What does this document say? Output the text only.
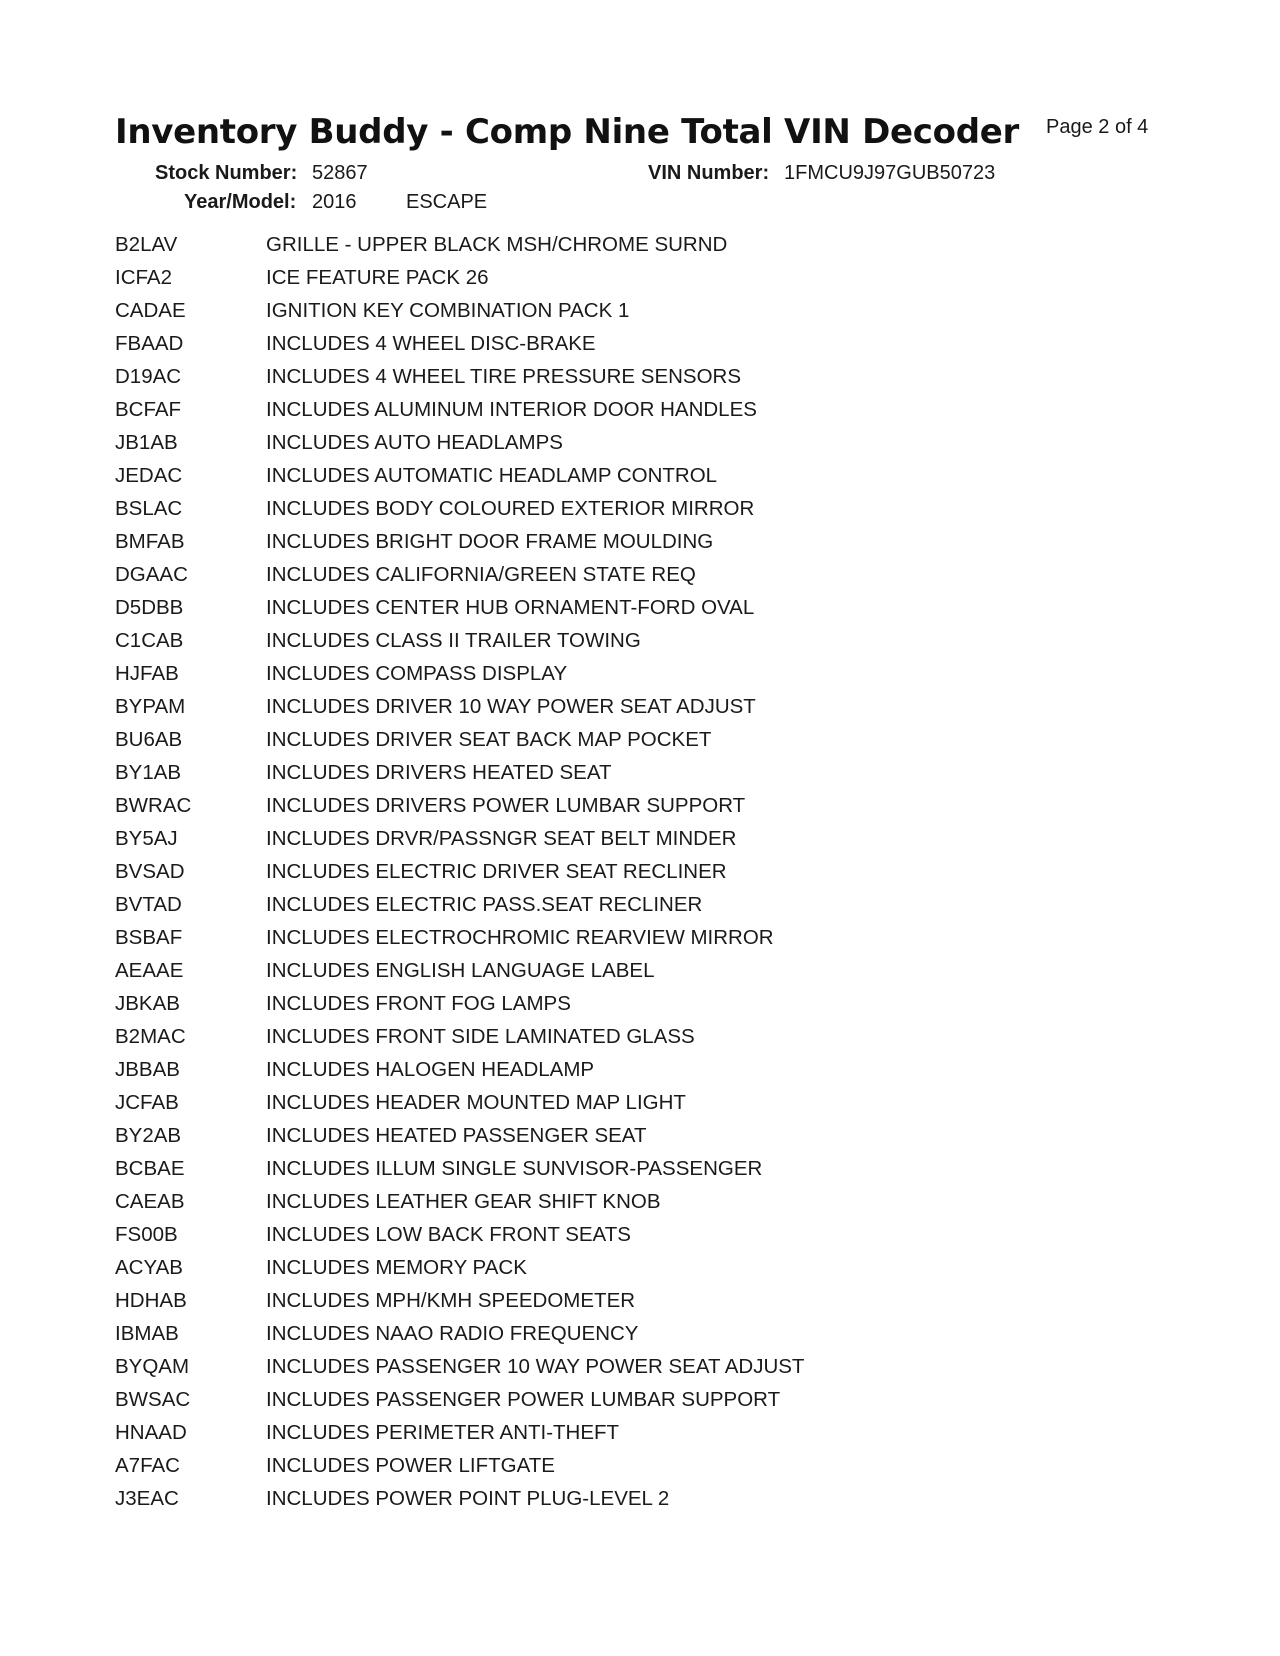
Inventory Buddy - Comp Nine Total VIN Decoder Page 2 of 4
Stock Number: 52867	VIN Number: 1FMCU9J97GUB50723
Year/Model: 2016 ESCAPE
B2LAV	GRILLE - UPPER BLACK MSH/CHROME SURND
ICFA2	ICE FEATURE PACK 26
CADAE	IGNITION KEY COMBINATION PACK 1
FBAAD	INCLUDES 4 WHEEL DISC-BRAKE
D19AC	INCLUDES 4 WHEEL TIRE PRESSURE SENSORS
BCFAF	INCLUDES ALUMINUM INTERIOR DOOR HANDLES
JB1AB	INCLUDES AUTO HEADLAMPS
JEDAC	INCLUDES AUTOMATIC HEADLAMP CONTROL
BSLAC	INCLUDES BODY COLOURED EXTERIOR MIRROR
BMFAB	INCLUDES BRIGHT DOOR FRAME MOULDING
DGAAC	INCLUDES CALIFORNIA/GREEN STATE REQ
D5DBB	INCLUDES CENTER HUB ORNAMENT-FORD OVAL
C1CAB	INCLUDES CLASS II TRAILER TOWING
HJFAB	INCLUDES COMPASS DISPLAY
BYPAM	INCLUDES DRIVER 10 WAY POWER SEAT ADJUST
BU6AB	INCLUDES DRIVER SEAT BACK MAP POCKET
BY1AB	INCLUDES DRIVERS HEATED SEAT
BWRAC	INCLUDES DRIVERS POWER LUMBAR SUPPORT
BY5AJ	INCLUDES DRVR/PASSNGR SEAT BELT MINDER
BVSAD	INCLUDES ELECTRIC DRIVER SEAT RECLINER
BVTAD	INCLUDES ELECTRIC PASS.SEAT RECLINER
BSBAF	INCLUDES ELECTROCHROMIC REARVIEW MIRROR
AEAAE	INCLUDES ENGLISH LANGUAGE LABEL
JBKAB	INCLUDES FRONT FOG LAMPS
B2MAC	INCLUDES FRONT SIDE LAMINATED GLASS
JBBAB	INCLUDES HALOGEN HEADLAMP
JCFAB	INCLUDES HEADER MOUNTED MAP LIGHT
BY2AB	INCLUDES HEATED PASSENGER SEAT
BCBAE	INCLUDES ILLUM SINGLE SUNVISOR-PASSENGER
CAEAB	INCLUDES LEATHER GEAR SHIFT KNOB
FS00B	INCLUDES LOW BACK FRONT SEATS
ACYAB	INCLUDES MEMORY PACK
HDHAB	INCLUDES MPH/KMH SPEEDOMETER
IBMAB	INCLUDES NAAO RADIO FREQUENCY
BYQAM	INCLUDES PASSENGER 10 WAY POWER SEAT ADJUST
BWSAC	INCLUDES PASSENGER POWER LUMBAR SUPPORT
HNAAD	INCLUDES PERIMETER ANTI-THEFT
A7FAC	INCLUDES POWER LIFTGATE
J3EAC	INCLUDES POWER POINT PLUG-LEVEL 2
